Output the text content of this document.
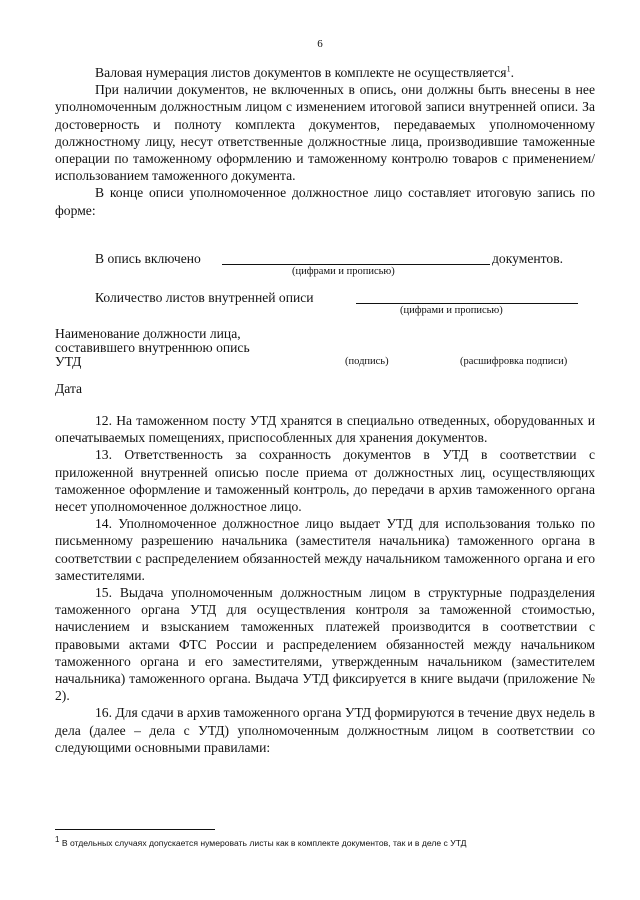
6

Валовая нумерация листов документов в комплекте не осуществляется$^1$.

При наличии документов, не включенных в опись, они должны быть внесены в нее уполномоченным должностным лицом с изменением итоговой записи внутренней описи. За достоверность и полноту комплекта документов, передаваемых уполномоченному должностному лицу, несут ответственные должностные лица, производившие таможенные операции по таможенному оформлению и таможенному контролю товаров с применением/использованием таможенного документа.

В конце описи уполномоченное должностное лицо составляет итоговую запись по форме:

В опись включено	документов.
(цифрами и прописью)
Количество листов внутренней описи
(цифрами и прописью)
Наименование должности лица,
составившего внутреннюю опись
УТД	(подпись)	(расшифровка подписи)
Дата

12. На таможенном посту УТД хранятся в специально отведенных, оборудованных и опечатываемых помещениях, приспособленных для хранения документов.

13. Ответственность за сохранность документов в УТД в соответствии с приложенной внутренней описью после приема от должностных лиц, осуществляющих таможенное оформление и таможенный контроль, до передачи в архив таможенного органа несет уполномоченное должностное лицо.

14. Уполномоченное должностное лицо выдает УТД для использования только по письменному разрешению начальника (заместителя начальника) таможенного органа в соответствии с распределением обязанностей между начальником таможенного органа и его заместителями.

15. Выдача уполномоченным должностным лицом в структурные подразделения таможенного органа УТД для осуществления контроля за таможенной стоимостью, начислением и взысканием таможенных платежей производится в соответствии с правовыми актами ФТС России и распределением обязанностей между начальником таможенного органа и его заместителями, утвержденным начальником (заместителем начальника) таможенного органа. Выдача УТД фиксируется в книге выдачи (приложение № 2).

16. Для сдачи в архив таможенного органа УТД формируются в течение двух недель в дела (далее – дела с УТД) уполномоченным должностным лицом в соответствии со следующими основными правилами:

1 В отдельных случаях допускается нумеровать листы как в комплекте документов, так и в деле с УТД
